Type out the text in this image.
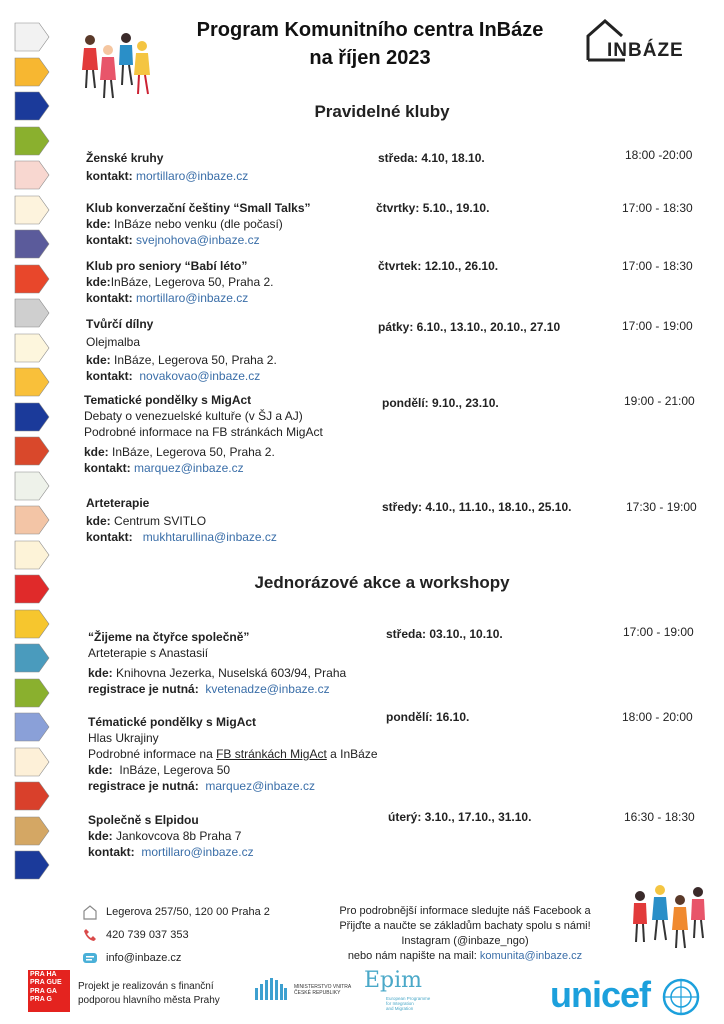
Program Komunitního centra InBáze
na říjen 2023	INBÁZE
Pravidelné kluby
Ženské kruhy
kontakt: mortillaro@inbaze.cz
středa: 4.10, 18.10.	18:00 -20:00
Klub konverzační češtiny “Small Talks”
kde: InBáze nebo venku (dle počasí)
kontakt: svejnohova@inbaze.cz
čtvrtky: 5.10., 19.10.	17:00 - 18:30
Klub pro seniory “Babí léto”
kde:InBáze, Legerova 50, Praha 2.
kontakt: mortillaro@inbaze.cz
čtvrtek: 12.10., 26.10.	17:00 - 18:30
Tvůrčí dílny
Olejmalba
kde: InBáze, Legerova 50, Praha 2.
kontakt: novakovao@inbaze.cz
pátky: 6.10., 13.10., 20.10., 27.10	17:00 - 19:00
Tematické pondělky s MigAct
Debaty o venezuelské kultuře (v ŠJ a AJ)
Podrobné informace na FB stránkách MigAct
kde: InBáze, Legerova 50, Praha 2.
kontakt: marquez@inbaze.cz
pondělí: 9.10., 23.10.	19:00 - 21:00
Arteterapie
kde: Centrum SVITLO
kontakt: mukhtarullina@inbaze.cz
středy: 4.10., 11.10., 18.10., 25.10.	17:30 - 19:00
Jednorázové akce a workshopy
“Žijeme na čtyřce společně”
Arteterapie s Anastasií
kde: Knihovna Jezerka, Nuselská 603/94, Praha
registrace je nutná: kvetenadze@inbaze.cz
středa: 03.10., 10.10.	17:00 - 19:00
Tématické pondělky s MigAct
Hlas Ukrajiny
Podrobné informace na FB stránkách MigAct a InBáze
kde: InBáze, Legerova 50
registrace je nutná: marquez@inbaze.cz
pondělí: 16.10.	18:00 - 20:00
Společně s Elpidou
kde: Jankovcova 8b Praha 7
kontakt: mortillaro@inbaze.cz
úterý: 3.10., 17.10., 31.10.	16:30 - 18:30
Legerova 257/50, 120 00 Praha 2
420 739 037 353
info@inbaze.cz
Pro podrobnější informace sledujte náš Facebook a
Přijďte a naučte se základům bachaty spolu s námi!
Instagram (@inbaze_ngo)
nebo nám napište na mail: komunita@inbaze.cz
PRA HA PRA GUE PRA GA PRA G
Projekt je realizován s finanční
podporou hlavního města Prahy
MINISTERSTVO VNITRA
ČESKÉ REPUBLIKY	Epim
European Programme
for Integration
and Migration	unicef
